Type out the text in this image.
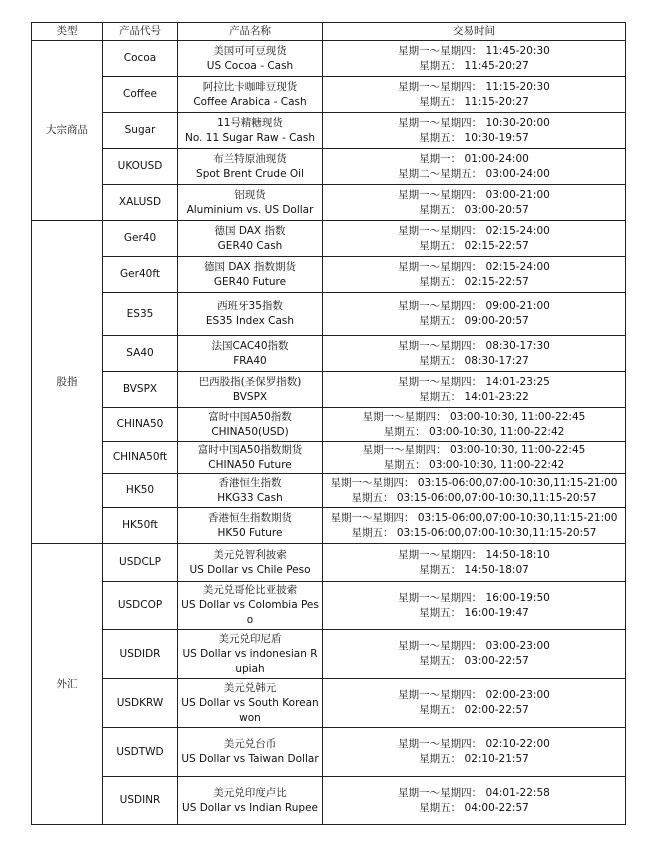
类型	产品代号	产品名称	交易时间
大宗商品	Cocoa	美国可可豆现货
US Cocoa - Cash	星期一～星期四： 11:45-20:30
星期五： 11:45-20:27

	Coffee	阿拉比卡咖啡豆现货
Coffee Arabica - Cash	星期一～星期四： 11:15-20:30
星期五： 11:15-20:27

	Sugar	11号精糖现货
No. 11 Sugar Raw - Cash	星期一～星期四： 10:30-20:00
星期五： 10:30-19:57

	UKOUSD	布兰特原油现货
Spot Brent Crude Oil	星期一： 01:00-24:00
星期二～星期五： 03:00-24:00

	XALUSD	铝现货
Aluminium vs. US Dollar	星期一～星期四： 03:00-21:00
星期五： 03:00-20:57

股指	Ger40	德国 DAX 指数
GER40 Cash	星期一～星期四： 02:15-24:00
星期五： 02:15-22:57

	Ger40ft	德国 DAX 指数期货
GER40 Future	星期一～星期四： 02:15-24:00
星期五： 02:15-22:57

	ES35	西班牙35指数
ES35 Index Cash	星期一～星期四： 09:00-21:00
星期五： 09:00-20:57

	SA40	法国CAC40指数
FRA40	星期一～星期四： 08:30-17:30
星期五： 08:30-17:27

	BVSPX	巴西股指(圣保罗指数)
BVSPX	星期一～星期四： 14:01-23:25
星期五： 14:01-23:22

	CHINA50	富时中国A50指数
CHINA50(USD)	星期一～星期四： 03:00-10:30, 11:00-22:45
星期五： 03:00-10:30, 11:00-22:42

	CHINA50ft	富时中国A50指数期货
CHINA50 Future	星期一～星期四： 03:00-10:30, 11:00-22:45
星期五： 03:00-10:30, 11:00-22:42

	HK50	香港恒生指数
HKG33 Cash	星期一～星期四： 03:15-06:00,07:00-10:30,11:15-21:00
星期五： 03:15-06:00,07:00-10:30,11:15-20:57

	HK50ft	香港恒生指数期货
HK50 Future	星期一～星期四： 03:15-06:00,07:00-10:30,11:15-21:00
星期五： 03:15-06:00,07:00-10:30,11:15-20:57

外汇	USDCLP	美元兑智利披索
US Dollar vs Chile Peso	星期一～星期四： 14:50-18:10
星期五： 14:50-18:07

	USDCOP	美元兑哥伦比亚披索
US Dollar vs Colombia Peso	星期一～星期四： 16:00-19:50
星期五： 16:00-19:47

	USDIDR	美元兑印尼盾
US Dollar vs indonesian Rupiah	星期一～星期四： 03:00-23:00
星期五： 03:00-22:57

	USDKRW	美元兑韩元
US Dollar vs South Korean won	星期一～星期四： 02:00-23:00
星期五： 02:00-22:57

	USDTWD	美元兑台币
US Dollar vs Taiwan Dollar	星期一～星期四： 02:10-22:00
星期五： 02:10-21:57

	USDINR	美元兑印度卢比
US Dollar vs Indian Rupee	星期一～星期四： 04:01-22:58
星期五： 04:00-22:57
